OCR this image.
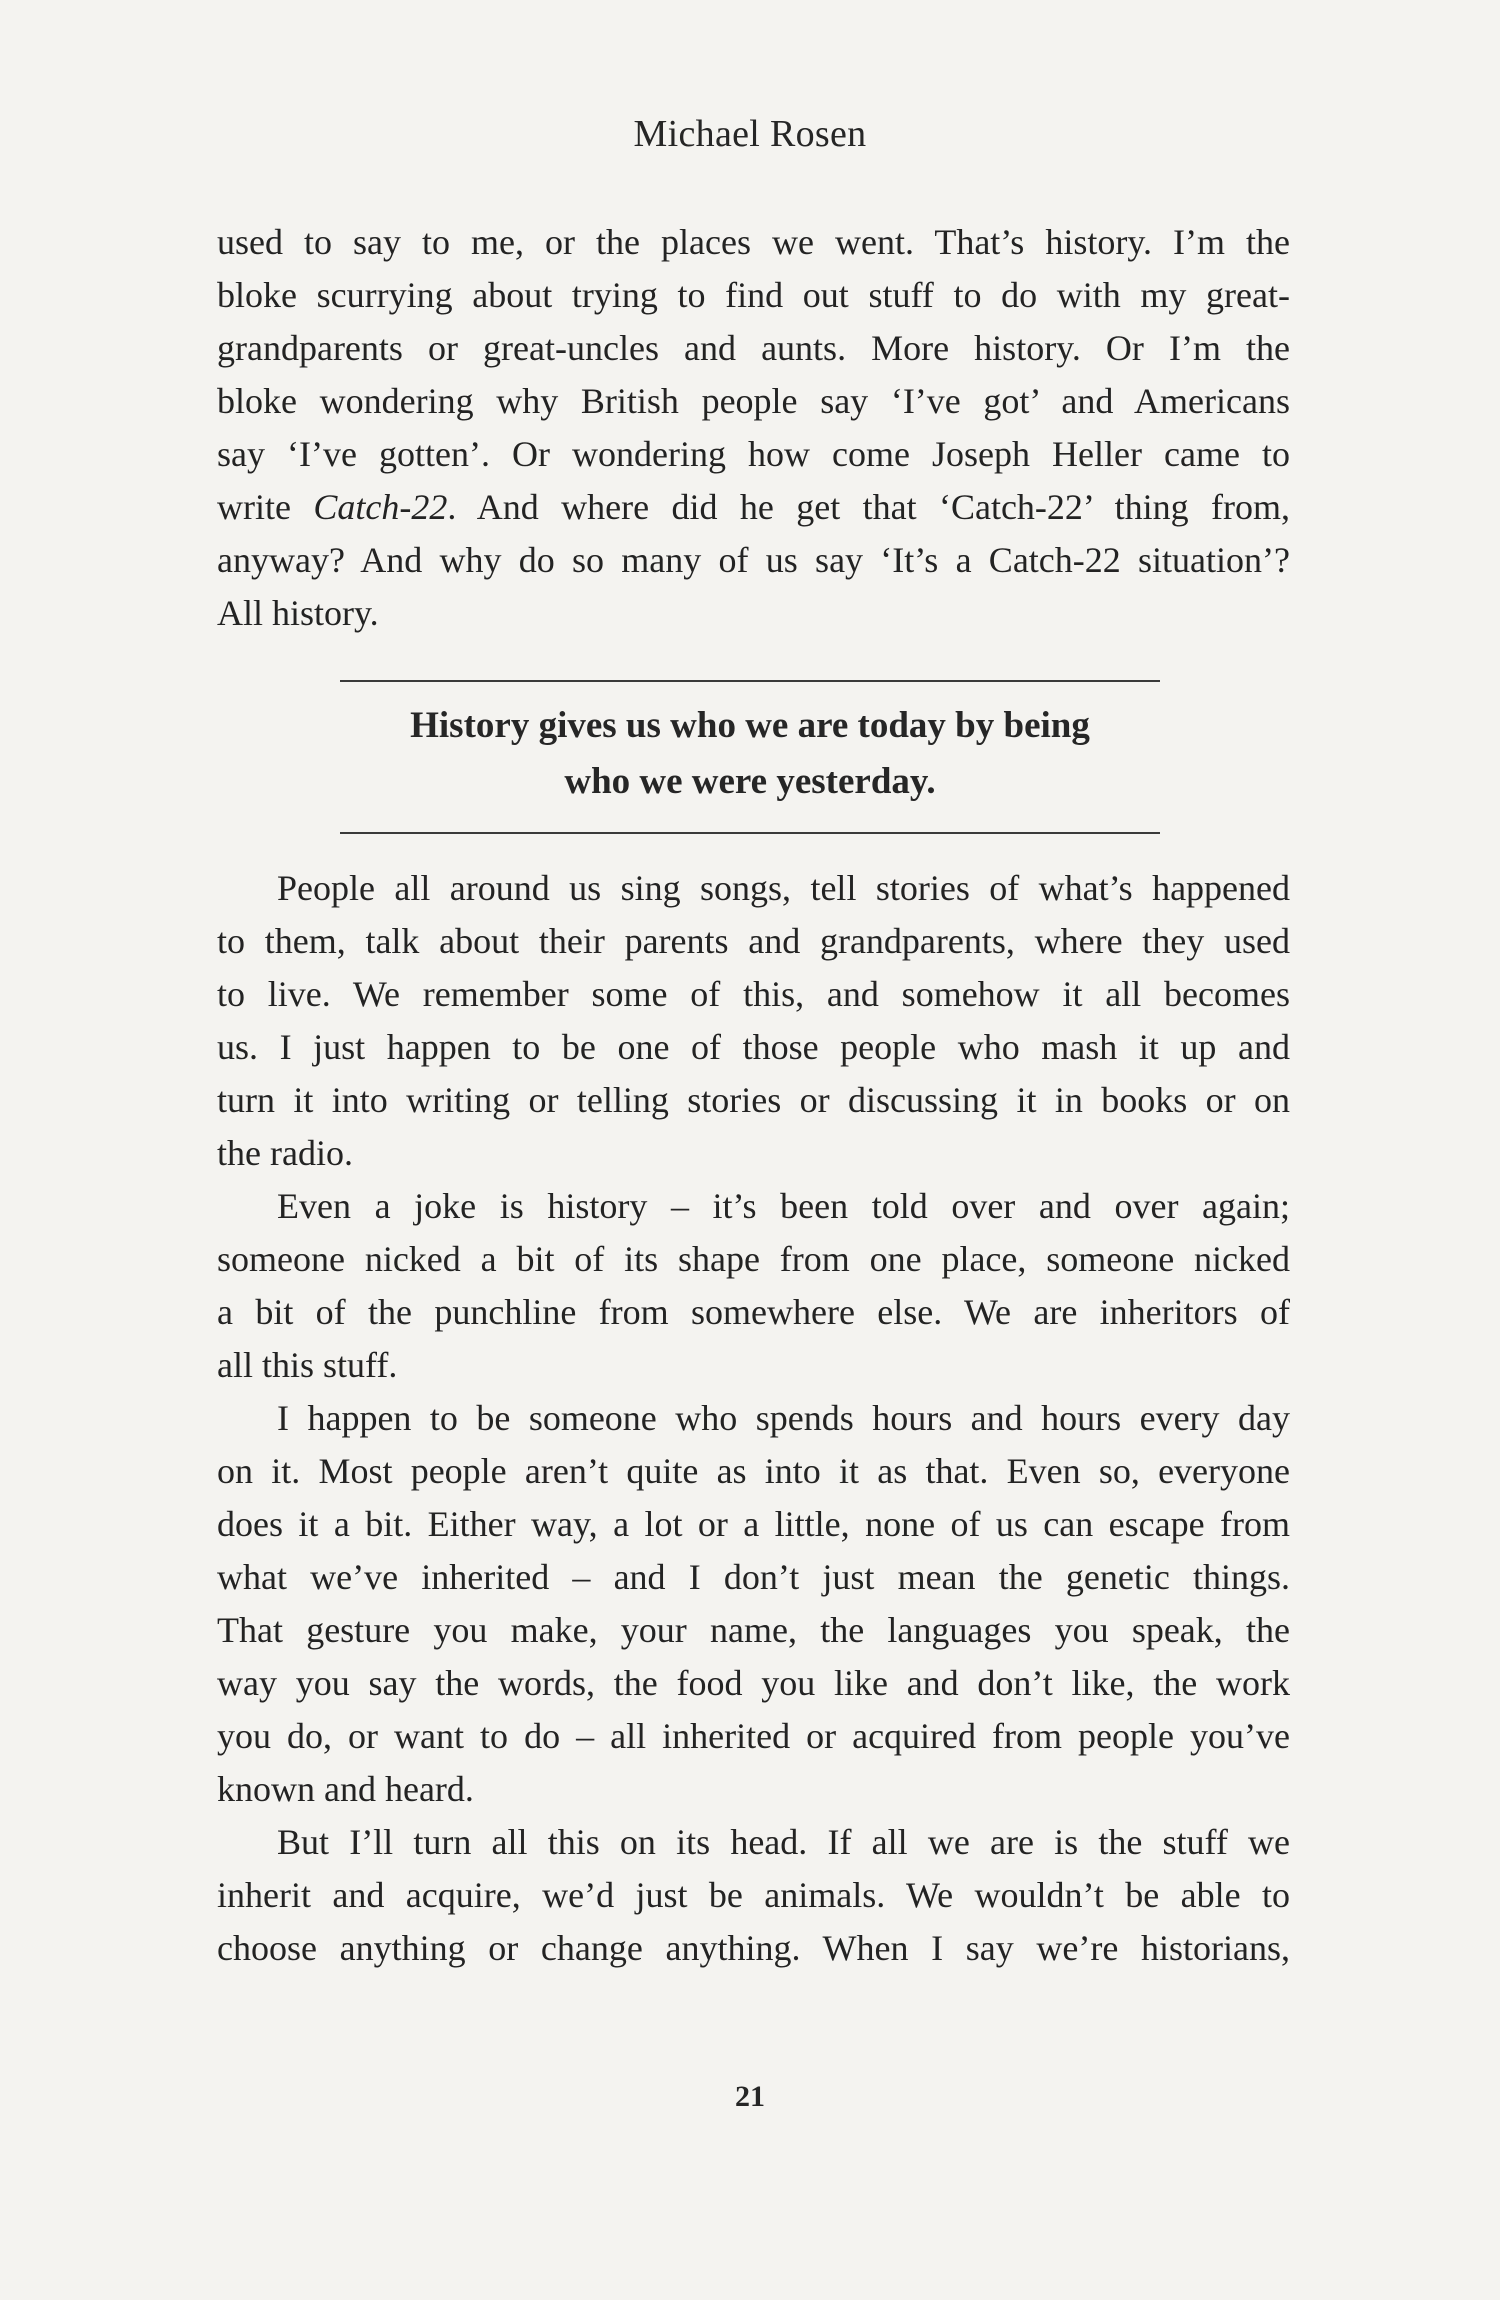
Michael Rosen

used to say to me, or the places we went. That’s history. I’m the

bloke scurrying about trying to find out stuff to do with my great-

grandparents or great-uncles and aunts. More history. Or I’m the

bloke wondering why British people say ‘I’ve got’ and Americans

say ‘I’ve gotten’. Or wondering how come Joseph Heller came to

write Catch-22. And where did he get that ‘Catch-22’ thing from,

anyway? And why do so many of us say ‘It’s a Catch-22 situation’?

All history.

History gives us who we are today by being
who we were yesterday.

People all around us sing songs, tell stories of what’s happened

to them, talk about their parents and grandparents, where they used

to live. We remember some of this, and somehow it all becomes

us. I just happen to be one of those people who mash it up and

turn it into writing or telling stories or discussing it in books or on

the radio.

Even a joke is history – it’s been told over and over again;

someone nicked a bit of its shape from one place, someone nicked

a bit of the punchline from somewhere else. We are inheritors of

all this stuff.

I happen to be someone who spends hours and hours every day

on it. Most people aren’t quite as into it as that. Even so, everyone

does it a bit. Either way, a lot or a little, none of us can escape from

what we’ve inherited – and I don’t just mean the genetic things.

That gesture you make, your name, the languages you speak, the

way you say the words, the food you like and don’t like, the work

you do, or want to do – all inherited or acquired from people you’ve

known and heard.

But I’ll turn all this on its head. If all we are is the stuff we

inherit and acquire, we’d just be animals. We wouldn’t be able to

choose anything or change anything. When I say we’re historians,

21
